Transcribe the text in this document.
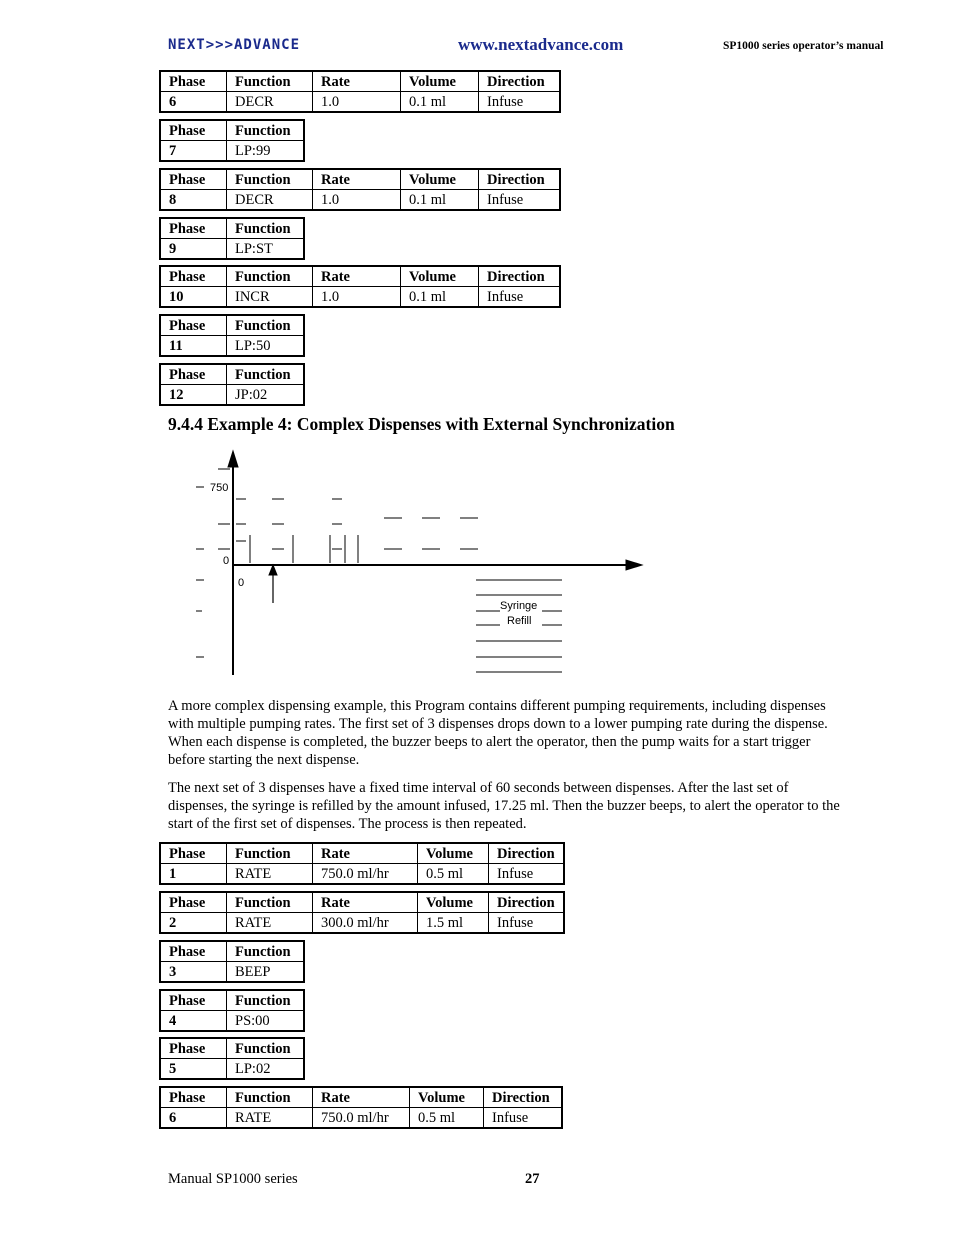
NEXT>>>ADVANCE	www.nextadvance.com	SP1000 series operator’s manual
Phase	Function	Rate	Volume	Direction
6	DECR	1.0	0.1 ml	Infuse
Phase	Function
7	LP:99
Phase	Function	Rate	Volume	Direction
8	DECR	1.0	0.1 ml	Infuse
Phase	Function
9	LP:ST
Phase	Function	Rate	Volume	Direction
10	INCR	1.0	0.1 ml	Infuse
Phase	Function
11	LP:50
Phase	Function
12	JP:02
9.4.4 Example 4: Complex Dispenses with External Synchronization
750
0
0
Syringe
Refill
A more complex dispensing example, this Program contains different pumping requirements, including dispenses with multiple pumping rates. The first set of 3 dispenses drops down to a lower pumping rate during the dispense. When each dispense is completed, the buzzer beeps to alert the operator, then the pump waits for a start trigger before starting the next dispense.
The next set of 3 dispenses have a fixed time interval of 60 seconds between dispenses. After the last set of dispenses, the syringe is refilled by the amount infused, 17.25 ml. Then the buzzer beeps, to alert the operator to the start of the first set of dispenses. The process is then repeated.
Phase	Function	Rate	Volume	Direction
1	RATE	750.0 ml/hr	0.5 ml	Infuse
Phase	Function	Rate	Volume	Direction
2	RATE	300.0 ml/hr	1.5 ml	Infuse
Phase	Function
3	BEEP
Phase	Function
4	PS:00
Phase	Function
5	LP:02
Phase	Function	Rate	Volume	Direction
6	RATE	750.0 ml/hr	0.5 ml	Infuse
Manual SP1000 series	27
